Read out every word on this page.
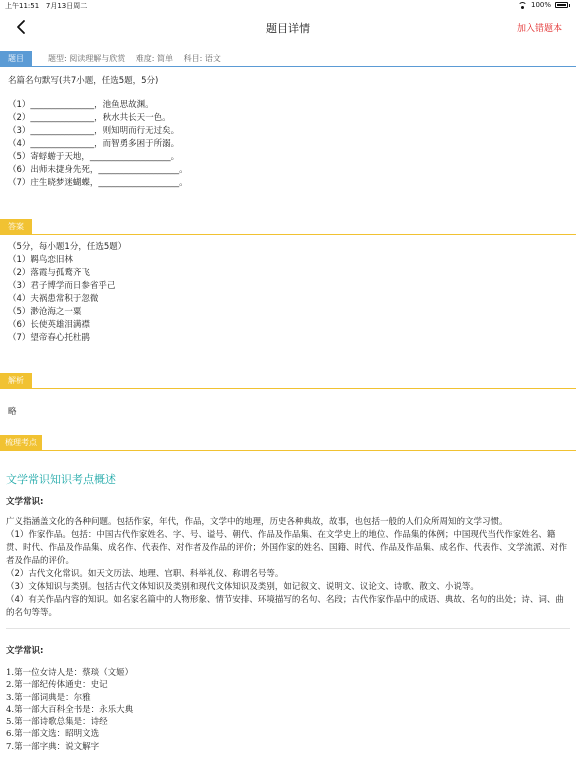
上午11:51 7月13日周二	100%
题目详情	加入错题本
题目	题型: 阅读理解与欣赏 难度: 简单 科目: 语文
名篇名句默写(共7小题，任选5题，5分)
（1）_______________，池鱼思故渊。
（2）_______________，秋水共长天一色。
（3）_______________，则知明而行无过矣。
（4）_______________，而智勇多困于所溺。
（5）寄蜉蝣于天地，___________________。
（6）出师未捷身先死，___________________。
（7）庄生晓梦迷蝴蝶，___________________。
答案
（5分，每小题1分，任选5题）
（1）羁鸟恋旧林
（2）落霞与孤鹜齐飞
（3）君子博学而日参省乎己
（4）夫祸患常积于忽微
（5）渺沧海之一粟
（6）长使英雄泪满襟
（7）望帝春心托杜鹃
解析
略
梳理考点
文学常识知识考点概述
文学常识:
广义指涵盖文化的各种问题。包括作家，年代，作品，文学中的地理，历史各种典故，故事，也包括一般的人们众所周知的文学习惯。
（1）作家作品。包括：中国古代作家姓名、字、号、谥号、朝代、作品及作品集、在文学史上的地位、作品集的体例；中国现代当代作家姓名、籍贯、时代、作品及作品集、成名作、代表作、对作者及作品的评价；外国作家的姓名、国籍、时代、作品及作品集、成名作、代表作、文学流派、对作者及作品的评价。
（2）古代文化常识。如天文历法、地理、官职、科举礼仪、称谓名号等。
（3）文体知识与类别。包括古代文体知识及类别和现代文体知识及类别，如记叙文、说明文、议论文、诗歌、散文、小说等。
（4）有关作品内容的知识。如名家名篇中的人物形象、情节安排、环境描写的名句、名段；古代作家作品中的成语、典故、名句的出处；诗、词、曲的名句等等。
文学常识:
1.第一位女诗人是：蔡琰（文姬）
2.第一部纪传体通史：史记
3.第一部词典是：尔雅
4.第一部大百科全书是：永乐大典
5.第一部诗歌总集是：诗经
6.第一部文选：昭明文选
7.第一部字典：说文解字
